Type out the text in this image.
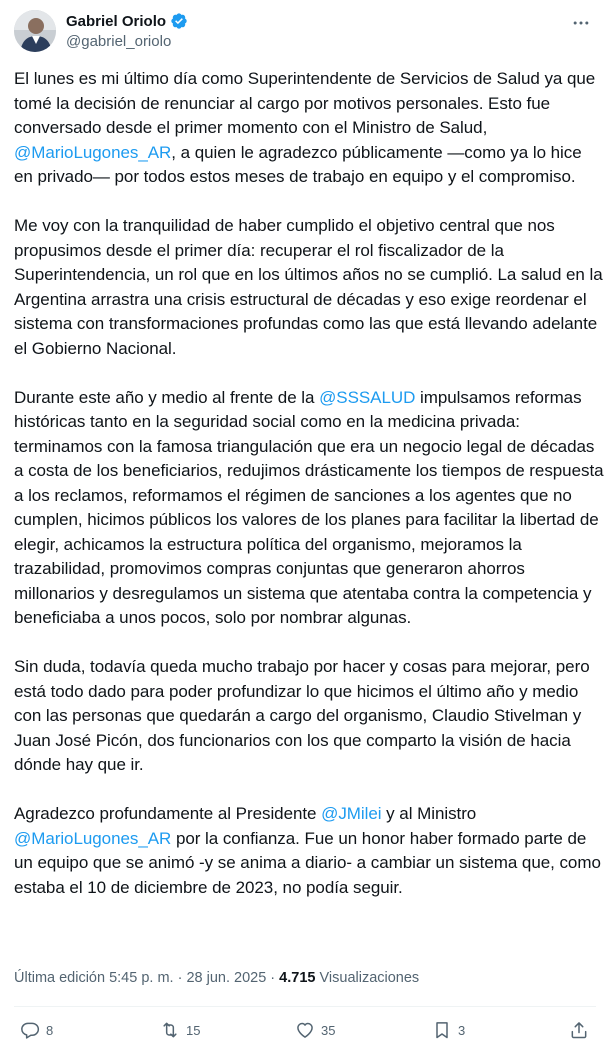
Gabriel Oriolo
@gabriel_oriolo

El lunes es mi último día como Superintendente de Servicios de Salud ya que tomé la decisión de renunciar al cargo por motivos personales. Esto fue conversado desde el primer momento con el Ministro de Salud, @MarioLugones_AR, a quien le agradezco públicamente —como ya lo hice en privado— por todos estos meses de trabajo en equipo y el compromiso.

Me voy con la tranquilidad de haber cumplido el objetivo central que nos propusimos desde el primer día: recuperar el rol fiscalizador de la Superintendencia, un rol que en los últimos años no se cumplió. La salud en la Argentina arrastra una crisis estructural de décadas y eso exige reordenar el sistema con transformaciones profundas como las que está llevando adelante el Gobierno Nacional.

Durante este año y medio al frente de la @SSSALUD impulsamos reformas históricas tanto en la seguridad social como en la medicina privada: terminamos con la famosa triangulación que era un negocio legal de décadas a costa de los beneficiarios, redujimos drásticamente los tiempos de respuesta a los reclamos, reformamos el régimen de sanciones a los agentes que no cumplen, hicimos públicos los valores de los planes para facilitar la libertad de elegir, achicamos la estructura política del organismo, mejoramos la trazabilidad, promovimos compras conjuntas que generaron ahorros millonarios y desregulamos un sistema que atentaba contra la competencia y beneficiaba a unos pocos, solo por nombrar algunas.

Sin duda, todavía queda mucho trabajo por hacer y cosas para mejorar, pero está todo dado para poder profundizar lo que hicimos el último año y medio con las personas que quedarán a cargo del organismo, Claudio Stivelman y Juan José Picón, dos funcionarios con los que comparto la visión de hacia dónde hay que ir.

Agradezco profundamente al Presidente @JMilei y al Ministro @MarioLugones_AR por la confianza. Fue un honor haber formado parte de un equipo que se animó -y se anima a diario- a cambiar un sistema que, como estaba el 10 de diciembre de 2023, no podía seguir.

Última edición 5:45 p. m. · 28 jun. 2025 · 4.715 Visualizaciones
8	15	35	3
